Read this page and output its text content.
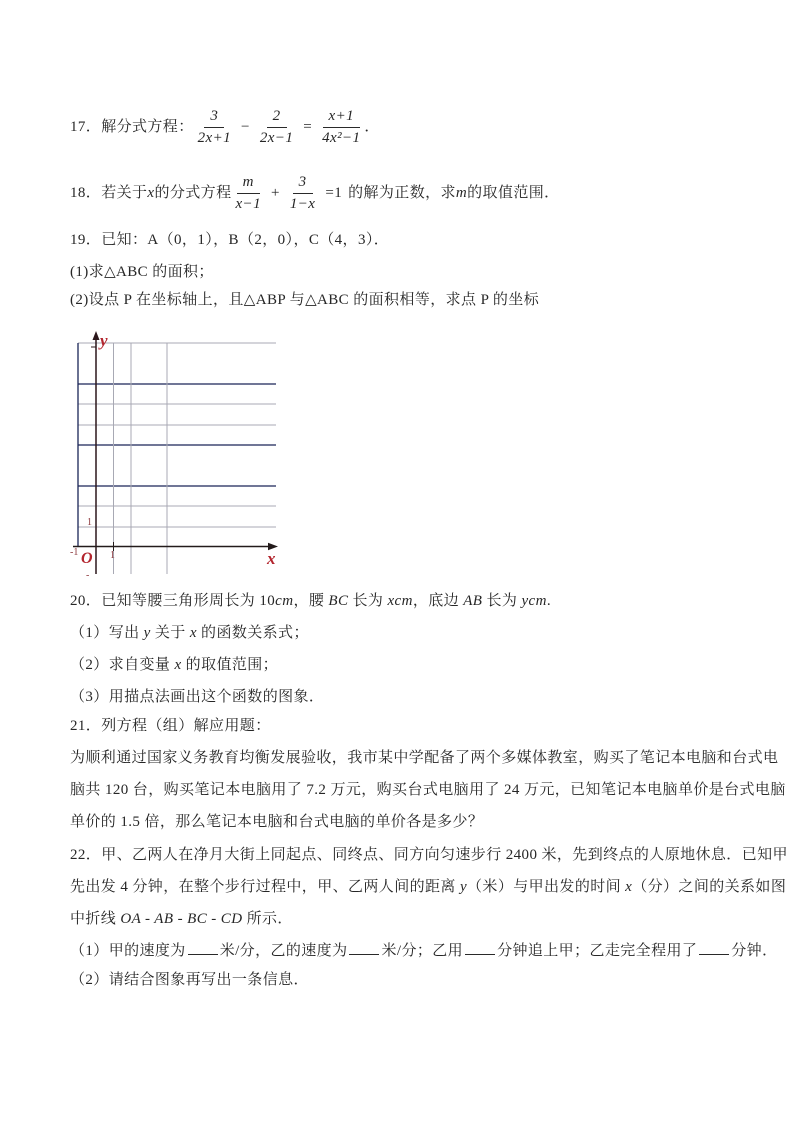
17． 解分式方程： $\frac{3}{2x+1} - \frac{2}{2x-1} = \frac{x+1}{\text{4x²−1}}$ ．
18． 若关于 x 的分式方程 $\frac{m}{x-1} + \frac{3}{1-x} =1$ 的解为正数，求 m 的取值范围．
19．已知：A（0，1），B（2，0），C（4，3）．
(1)求△ABC 的面积；
(2)设点 P 在坐标轴上，且△ABP 与△ABC 的面积相等，求点 P 的坐标
y
x
O 1
-1
1
-
20．已知等腰三角形周长为 10cm，腰 BC 长为 xcm，底边 AB 长为 ycm.
（1）写出 y 关于 x 的函数关系式；
（2）求自变量 x 的取值范围；
（3）用描点法画出这个函数的图象．
21．列方程（组）解应用题：
为顺利通过国家义务教育均衡发展验收，我市某中学配备了两个多媒体教室，购买了笔记本电脑和台式电
脑共 120 台，购买笔记本电脑用了 7.2 万元，购买台式电脑用了 24 万元，已知笔记本电脑单价是台式电脑
单价的 1.5 倍，那么笔记本电脑和台式电脑的单价各是多少？
22．甲、乙两人在净月大街上同起点、同终点、同方向匀速步行 2400 米，先到终点的人原地休息．已知甲
先出发 4 分钟，在整个步行过程中，甲、乙两人间的距离 y（米）与甲出发的时间 x（分）之间的关系如图
中折线 OA - AB - BC - CD 所示．
（1）甲的速度为 米/分，乙的速度为 米/分；乙用 分钟追上甲；乙走完全程用了 分钟．
（2）请结合图象再写出一条信息．
